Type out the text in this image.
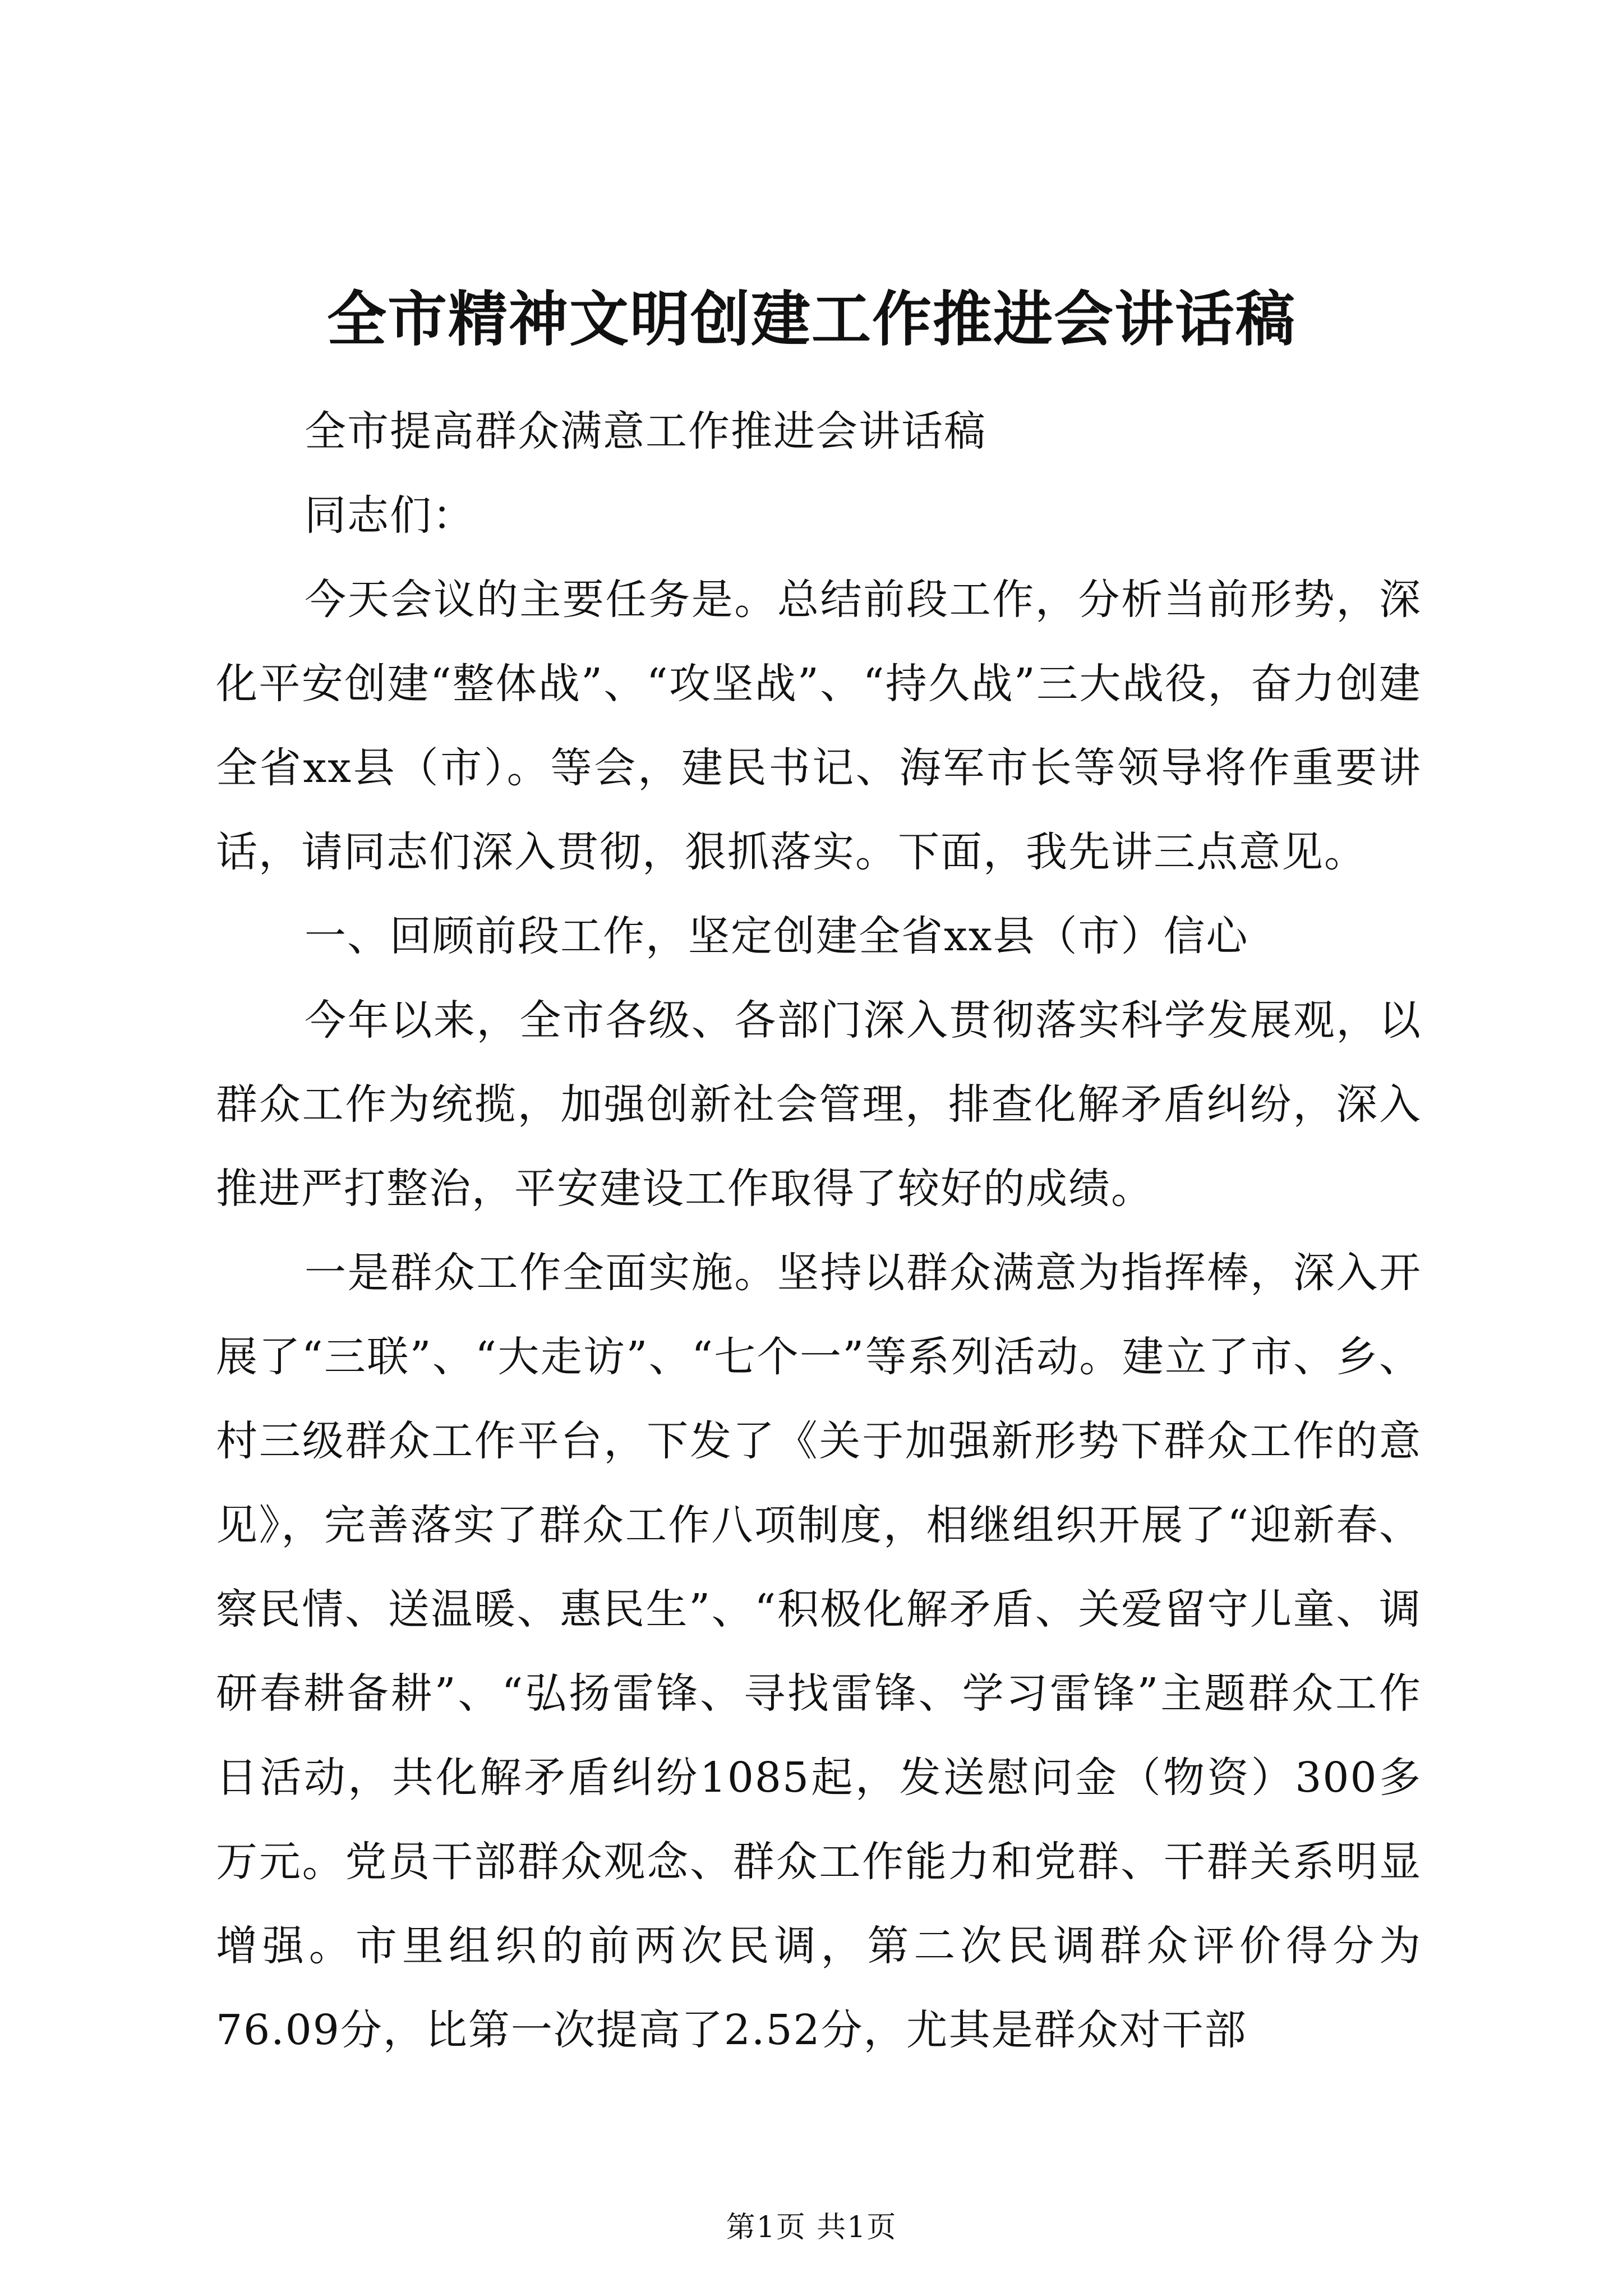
全市精神文明创建工作推进会讲话稿

全市提高群众满意工作推进会讲话稿

同志们：

今天会议的主要任务是。总结前段工作，分析当前形势，深化平安创建“整体战”、“攻坚战”、“持久战”三大战役，奋力创建全省xx县（市）。等会，建民书记、海军市长等领导将作重要讲话，请同志们深入贯彻，狠抓落实。下面，我先讲三点意见。

一、回顾前段工作，坚定创建全省xx县（市）信心

今年以来，全市各级、各部门深入贯彻落实科学发展观，以群众工作为统揽，加强创新社会管理，排查化解矛盾纠纷，深入推进严打整治，平安建设工作取得了较好的成绩。

一是群众工作全面实施。坚持以群众满意为指挥棒，深入开展了“三联”、“大走访”、“七个一”等系列活动。建立了市、乡、村三级群众工作平台，下发了《关于加强新形势下群众工作的意见》，完善落实了群众工作八项制度，相继组织开展了“迎新春、察民情、送温暖、惠民生”、“积极化解矛盾、关爱留守儿童、调研春耕备耕”、“弘扬雷锋、寻找雷锋、学习雷锋”主题群众工作日活动，共化解矛盾纠纷1085起，发送慰问金（物资）300多万元。党员干部群众观念、群众工作能力和党群、干群关系明显增强。市里组织的前两次民调，第二次民调群众评价得分为76.09分，比第一次提高了2.52分，尤其是群众对干部

第1页 共1页
